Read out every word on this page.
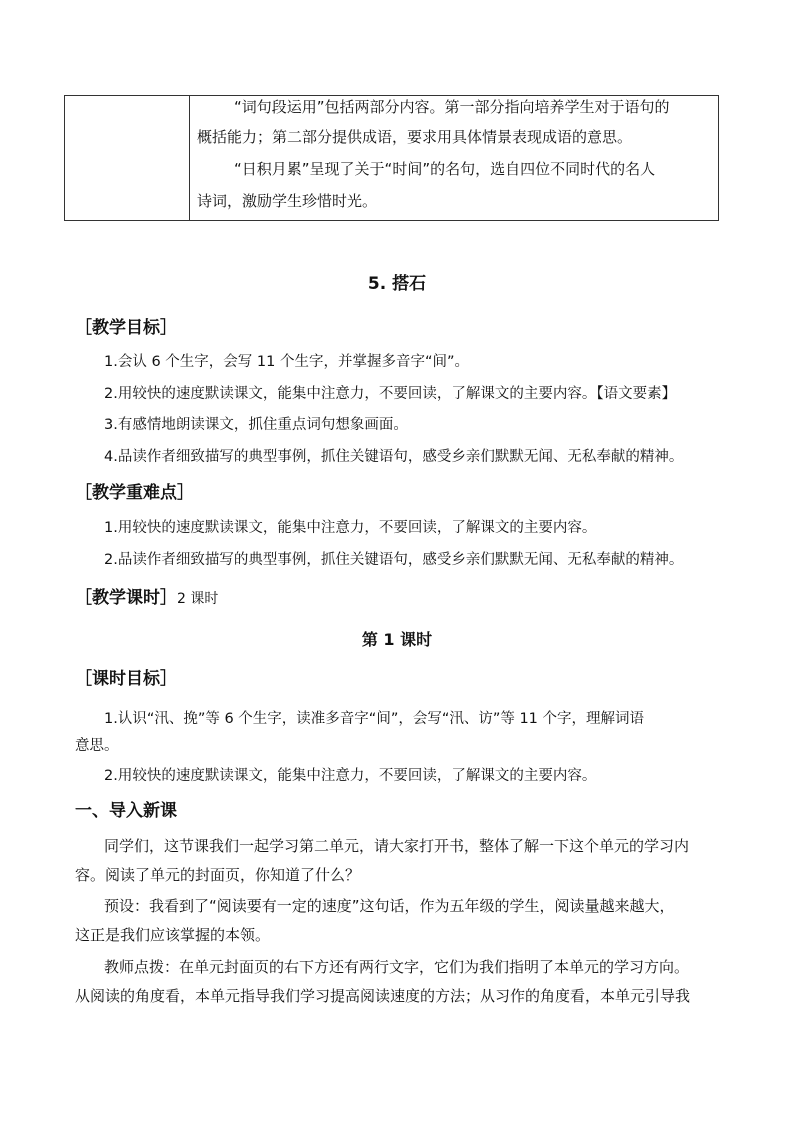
“词句段运用”包括两部分内容。第一部分指向培养学生对于语句的
概括能力；第二部分提供成语，要求用具体情景表现成语的意思。
“日积月累”呈现了关于“时间”的名句，选自四位不同时代的名人
诗词，激励学生珍惜时光。
5. 搭石
［教学目标］
1.会认 6 个生字，会写 11 个生字，并掌握多音字“间”。
2.用较快的速度默读课文，能集中注意力，不要回读，了解课文的主要内容。【语文要素】
3.有感情地朗读课文，抓住重点词句想象画面。
4.品读作者细致描写的典型事例，抓住关键语句，感受乡亲们默默无闻、无私奉献的精神。
［教学重难点］
1.用较快的速度默读课文，能集中注意力，不要回读，了解课文的主要内容。
2.品读作者细致描写的典型事例，抓住关键语句，感受乡亲们默默无闻、无私奉献的精神。
［教学课时］2 课时
第 1 课时
［课时目标］
1.认识“汛、挽”等 6 个生字，读准多音字“间”，会写“汛、访”等 11 个字，理解词语
意思。
2.用较快的速度默读课文，能集中注意力，不要回读，了解课文的主要内容。
一、导入新课
同学们，这节课我们一起学习第二单元，请大家打开书，整体了解一下这个单元的学习内
容。阅读了单元的封面页，你知道了什么？
预设：我看到了“阅读要有一定的速度”这句话，作为五年级的学生，阅读量越来越大，
这正是我们应该掌握的本领。
教师点拨：在单元封面页的右下方还有两行文字，它们为我们指明了本单元的学习方向。
从阅读的角度看，本单元指导我们学习提高阅读速度的方法；从习作的角度看，本单元引导我
